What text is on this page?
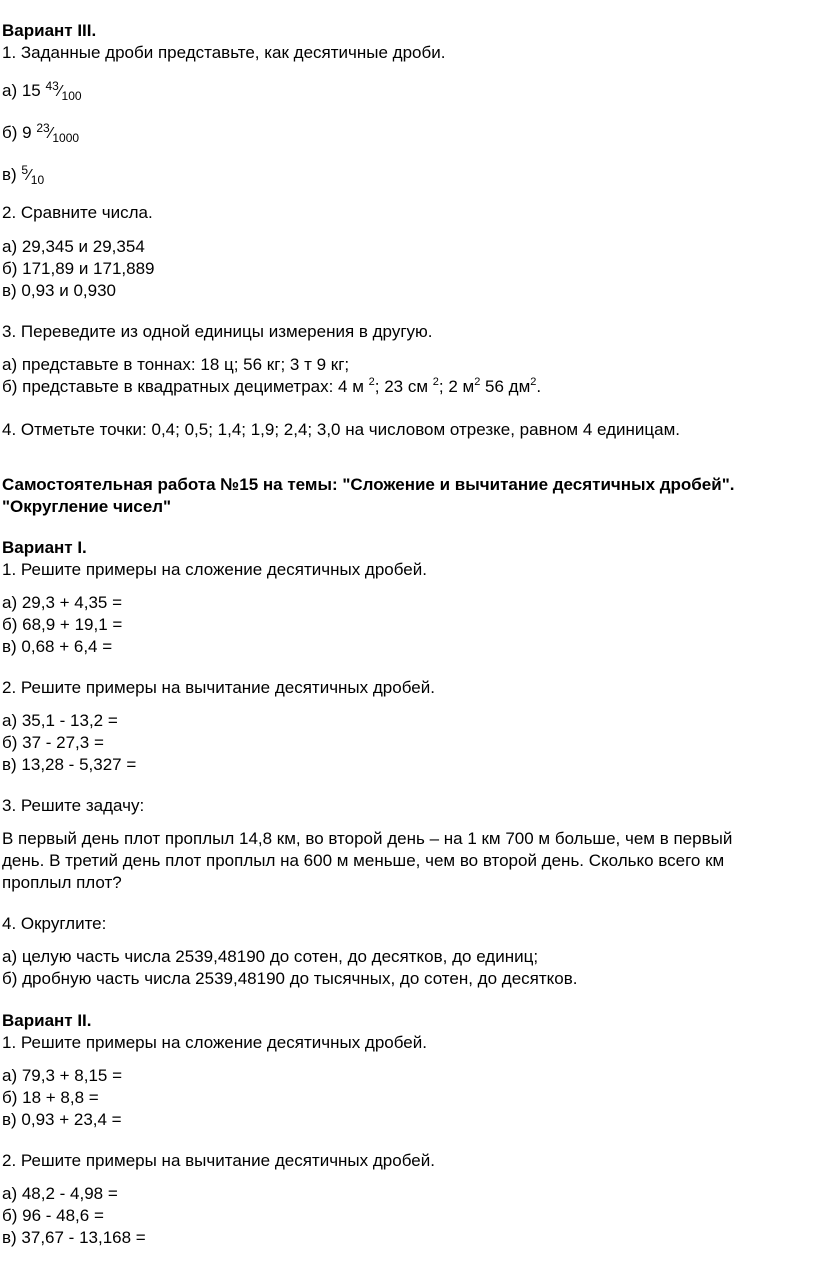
Вариант III.
1. Заданные дроби представьте, как десятичные дроби.
а) 15 43⁄100
б) 9 23⁄1000
в) 5⁄10
2. Сравните числа.
а) 29,345 и 29,354
б) 171,89 и 171,889
в) 0,93 и 0,930
3. Переведите из одной единицы измерения в другую.
а) представьте в тоннах: 18 ц; 56 кг; 3 т 9 кг;
б) представьте в квадратных дециметрах: 4 м $^2$; 23 см $^2$; 2 $м^2$ 56 $дм^2$.
4. Отметьте точки: 0,4; 0,5; 1,4; 1,9; 2,4; 3,0 на числовом отрезке, равном 4 единицам.
Самостоятельная работа №15 на темы: "Сложение и вычитание десятичных дробей".
"Округление чисел"
Вариант I.
1. Решите примеры на сложение десятичных дробей.
а) 29,3 + 4,35 =
б) 68,9 + 19,1 =
в) 0,68 + 6,4 =
2. Решите примеры на вычитание десятичных дробей.
а) 35,1 - 13,2 =
б) 37 - 27,3 =
в) 13,28 - 5,327 =
3. Решите задачу:
В первый день плот проплыл 14,8 км, во второй день – на 1 км 700 м больше, чем в первый
день. В третий день плот проплыл на 600 м меньше, чем во второй день. Сколько всего км
проплыл плот?
4. Округлите:
а) целую часть числа 2539,48190 до сотен, до десятков, до единиц;
б) дробную часть числа 2539,48190 до тысячных, до сотен, до десятков.
Вариант II.
1. Решите примеры на сложение десятичных дробей.
а) 79,3 + 8,15 =
б) 18 + 8,8 =
в) 0,93 + 23,4 =
2. Решите примеры на вычитание десятичных дробей.
а) 48,2 - 4,98 =
б) 96 - 48,6 =
в) 37,67 - 13,168 =
